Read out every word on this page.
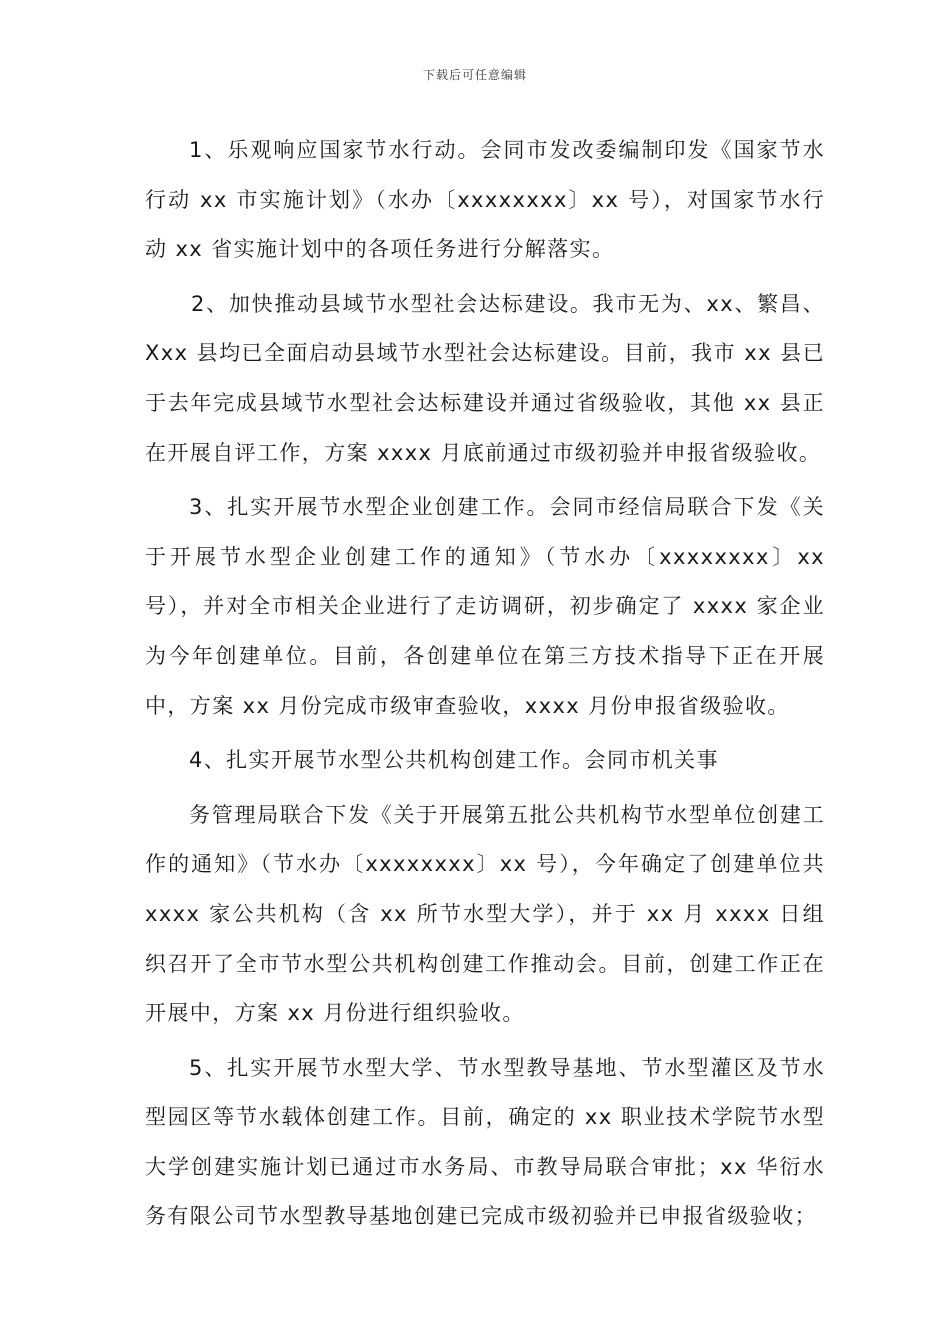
下载后可任意编辑

1、乐观响应国家节水行动。会同市发改委编制印发《国家节水行动 xx 市实施计划》（水办〔xxxxxxxx〕xx 号），对国家节水行动 xx 省实施计划中的各项任务进行分解落实。

2、加快推动县域节水型社会达标建设。我市无为、xx、繁昌、Xxx 县均已全面启动县域节水型社会达标建设。目前，我市 xx 县已于去年完成县域节水型社会达标建设并通过省级验收，其他 xx 县正在开展自评工作，方案 xxxx 月底前通过市级初验并申报省级验收。

3、扎实开展节水型企业创建工作。会同市经信局联合下发《关于开展节水型企业创建工作的通知》（节水办〔xxxxxxxx〕xx 号），并对全市相关企业进行了走访调研，初步确定了 xxxx 家企业为今年创建单位。目前，各创建单位在第三方技术指导下正在开展中，方案 xx 月份完成市级审查验收，xxxx 月份申报省级验收。

4、扎实开展节水型公共机构创建工作。会同市机关事

务管理局联合下发《关于开展第五批公共机构节水型单位创建工作的通知》（节水办〔xxxxxxxx〕xx 号），今年确定了创建单位共 xxxx 家公共机构（含 xx 所节水型大学），并于 xx 月 xxxx 日组织召开了全市节水型公共机构创建工作推动会。目前，创建工作正在开展中，方案 xx 月份进行组织验收。

5、扎实开展节水型大学、节水型教导基地、节水型灌区及节水型园区等节水载体创建工作。目前，确定的 xx 职业技术学院节水型大学创建实施计划已通过市水务局、市教导局联合审批；xx 华衍水务有限公司节水型教导基地创建已完成市级初验并已申报省级验收；
